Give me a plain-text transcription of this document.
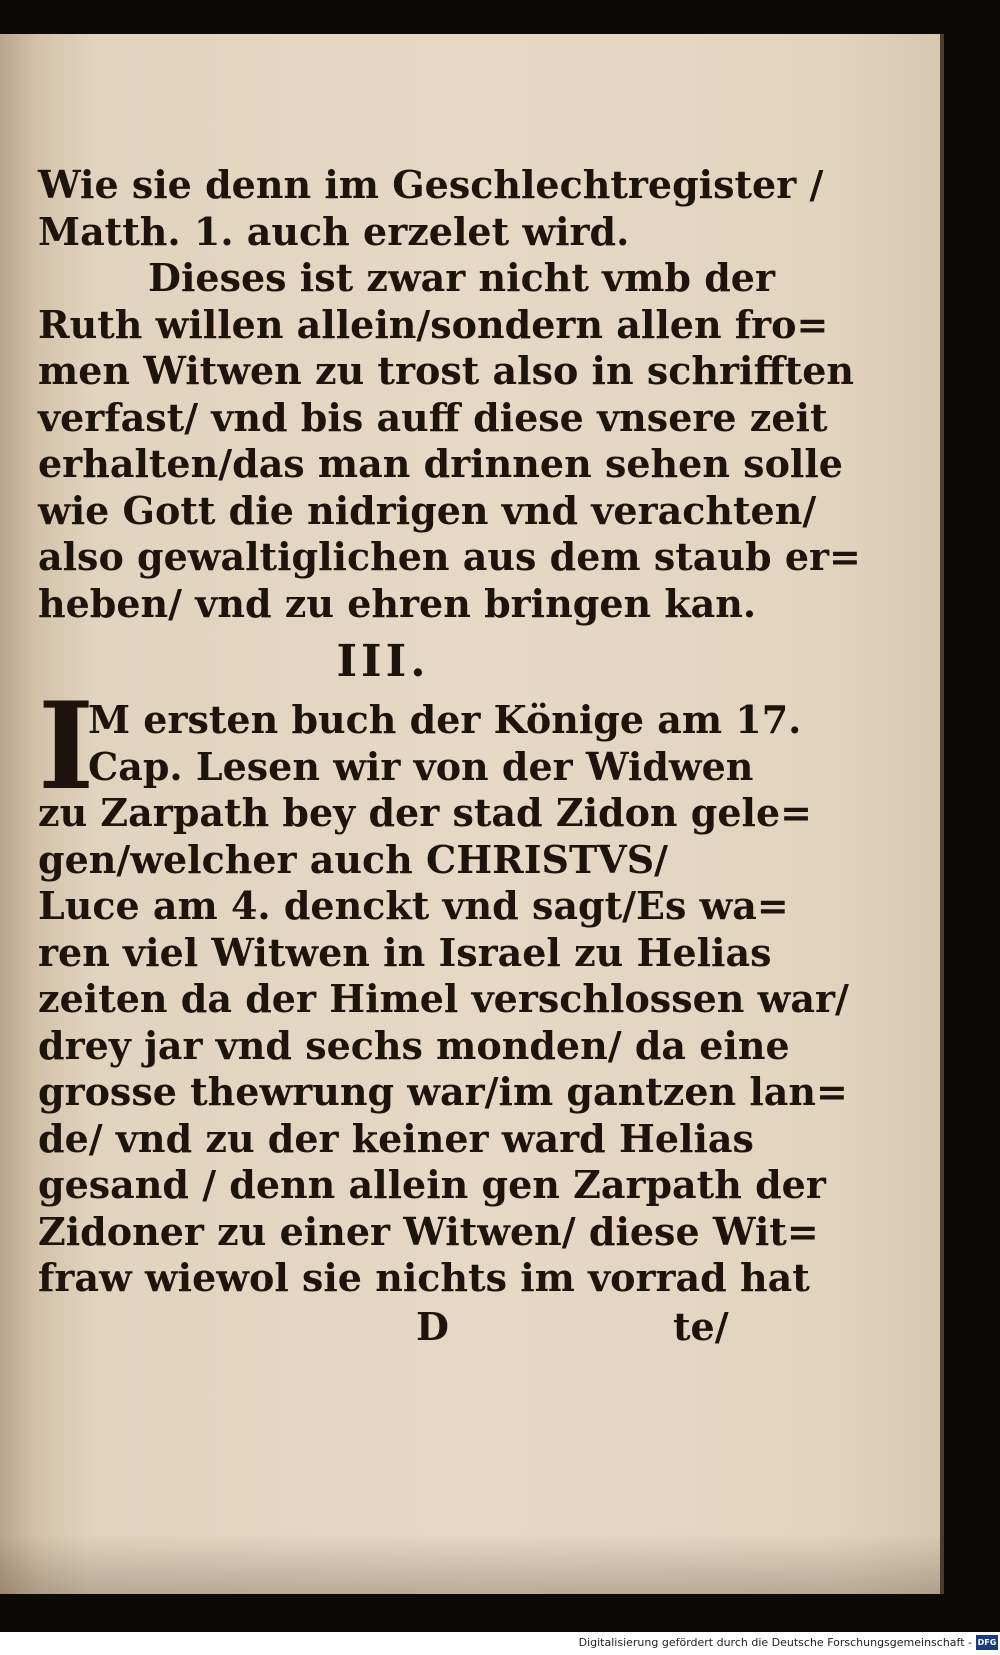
Wie sie denn im Geschlechtregister /
Matth. 1. auch erzelet wird.
Dieses ist zwar nicht vmb der
Ruth willen allein/sondern allen fro=
men Witwen zu trost also in schrifften
verfast/ vnd bis auff diese vnsere zeit
erhalten/das man drinnen sehen solle
wie Gott die nidrigen vnd verachten/
also gewaltiglichen aus dem staub er=
heben/ vnd zu ehren bringen kan.
III.
I
M ersten buch der Könige am 17.
Cap. Lesen wir von der Widwen
zu Zarpath bey der stad Zidon gele=
gen/welcher auch CHRISTVS/
Luce am 4. denckt vnd sagt/Es wa=
ren viel Witwen in Israel zu Helias
zeiten da der Himel verschlossen war/
drey jar vnd sechs monden/ da eine
grosse thewrung war/im gantzen lan=
de/ vnd zu der keiner ward Helias
gesand / denn allein gen Zarpath der
Zidoner zu einer Witwen/ diese Wit=
fraw wiewol sie nichts im vorrad hat
D	te/
Digitalisierung gefördert durch die Deutsche Forschungsgemeinschaft - DFG
